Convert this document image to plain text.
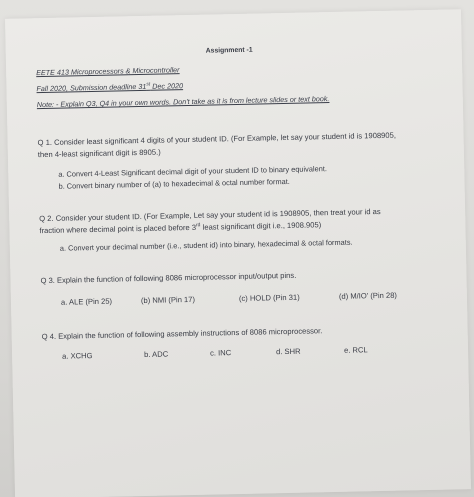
Assignment -1
EETE 413 Microprocessors & Microcontroller
Fall 2020, Submission deadline 31st Dec 2020
Note: - Explain Q3, Q4 in your own words. Don't take as it is from lecture slides or text book.
Q 1. Consider least significant 4 digits of your student ID. (For Example, let say your student id is 1908905,
then 4-least significant digit is 8905.)
a. Convert 4-Least Significant decimal digit of your student ID to binary equivalent.
b. Convert binary number of (a) to hexadecimal & octal number format.
Q 2. Consider your student ID. (For Example, Let say your student id is 1908905, then treat your id as
fraction where decimal point is placed before 3rd least significant digit i.e., 1908.905)
a. Convert your decimal number (i.e., student id) into binary, hexadecimal & octal formats.
Q 3. Explain the function of following 8086 microprocessor input/output pins.
a. ALE (Pin 25)	(b) NMI (Pin 17)	(c) HOLD (Pin 31)	(d) M/IO' (Pin 28)
Q 4. Explain the function of following assembly instructions of 8086 microprocessor.
a. XCHG	b. ADC	c. INC	d. SHR	e. RCL
